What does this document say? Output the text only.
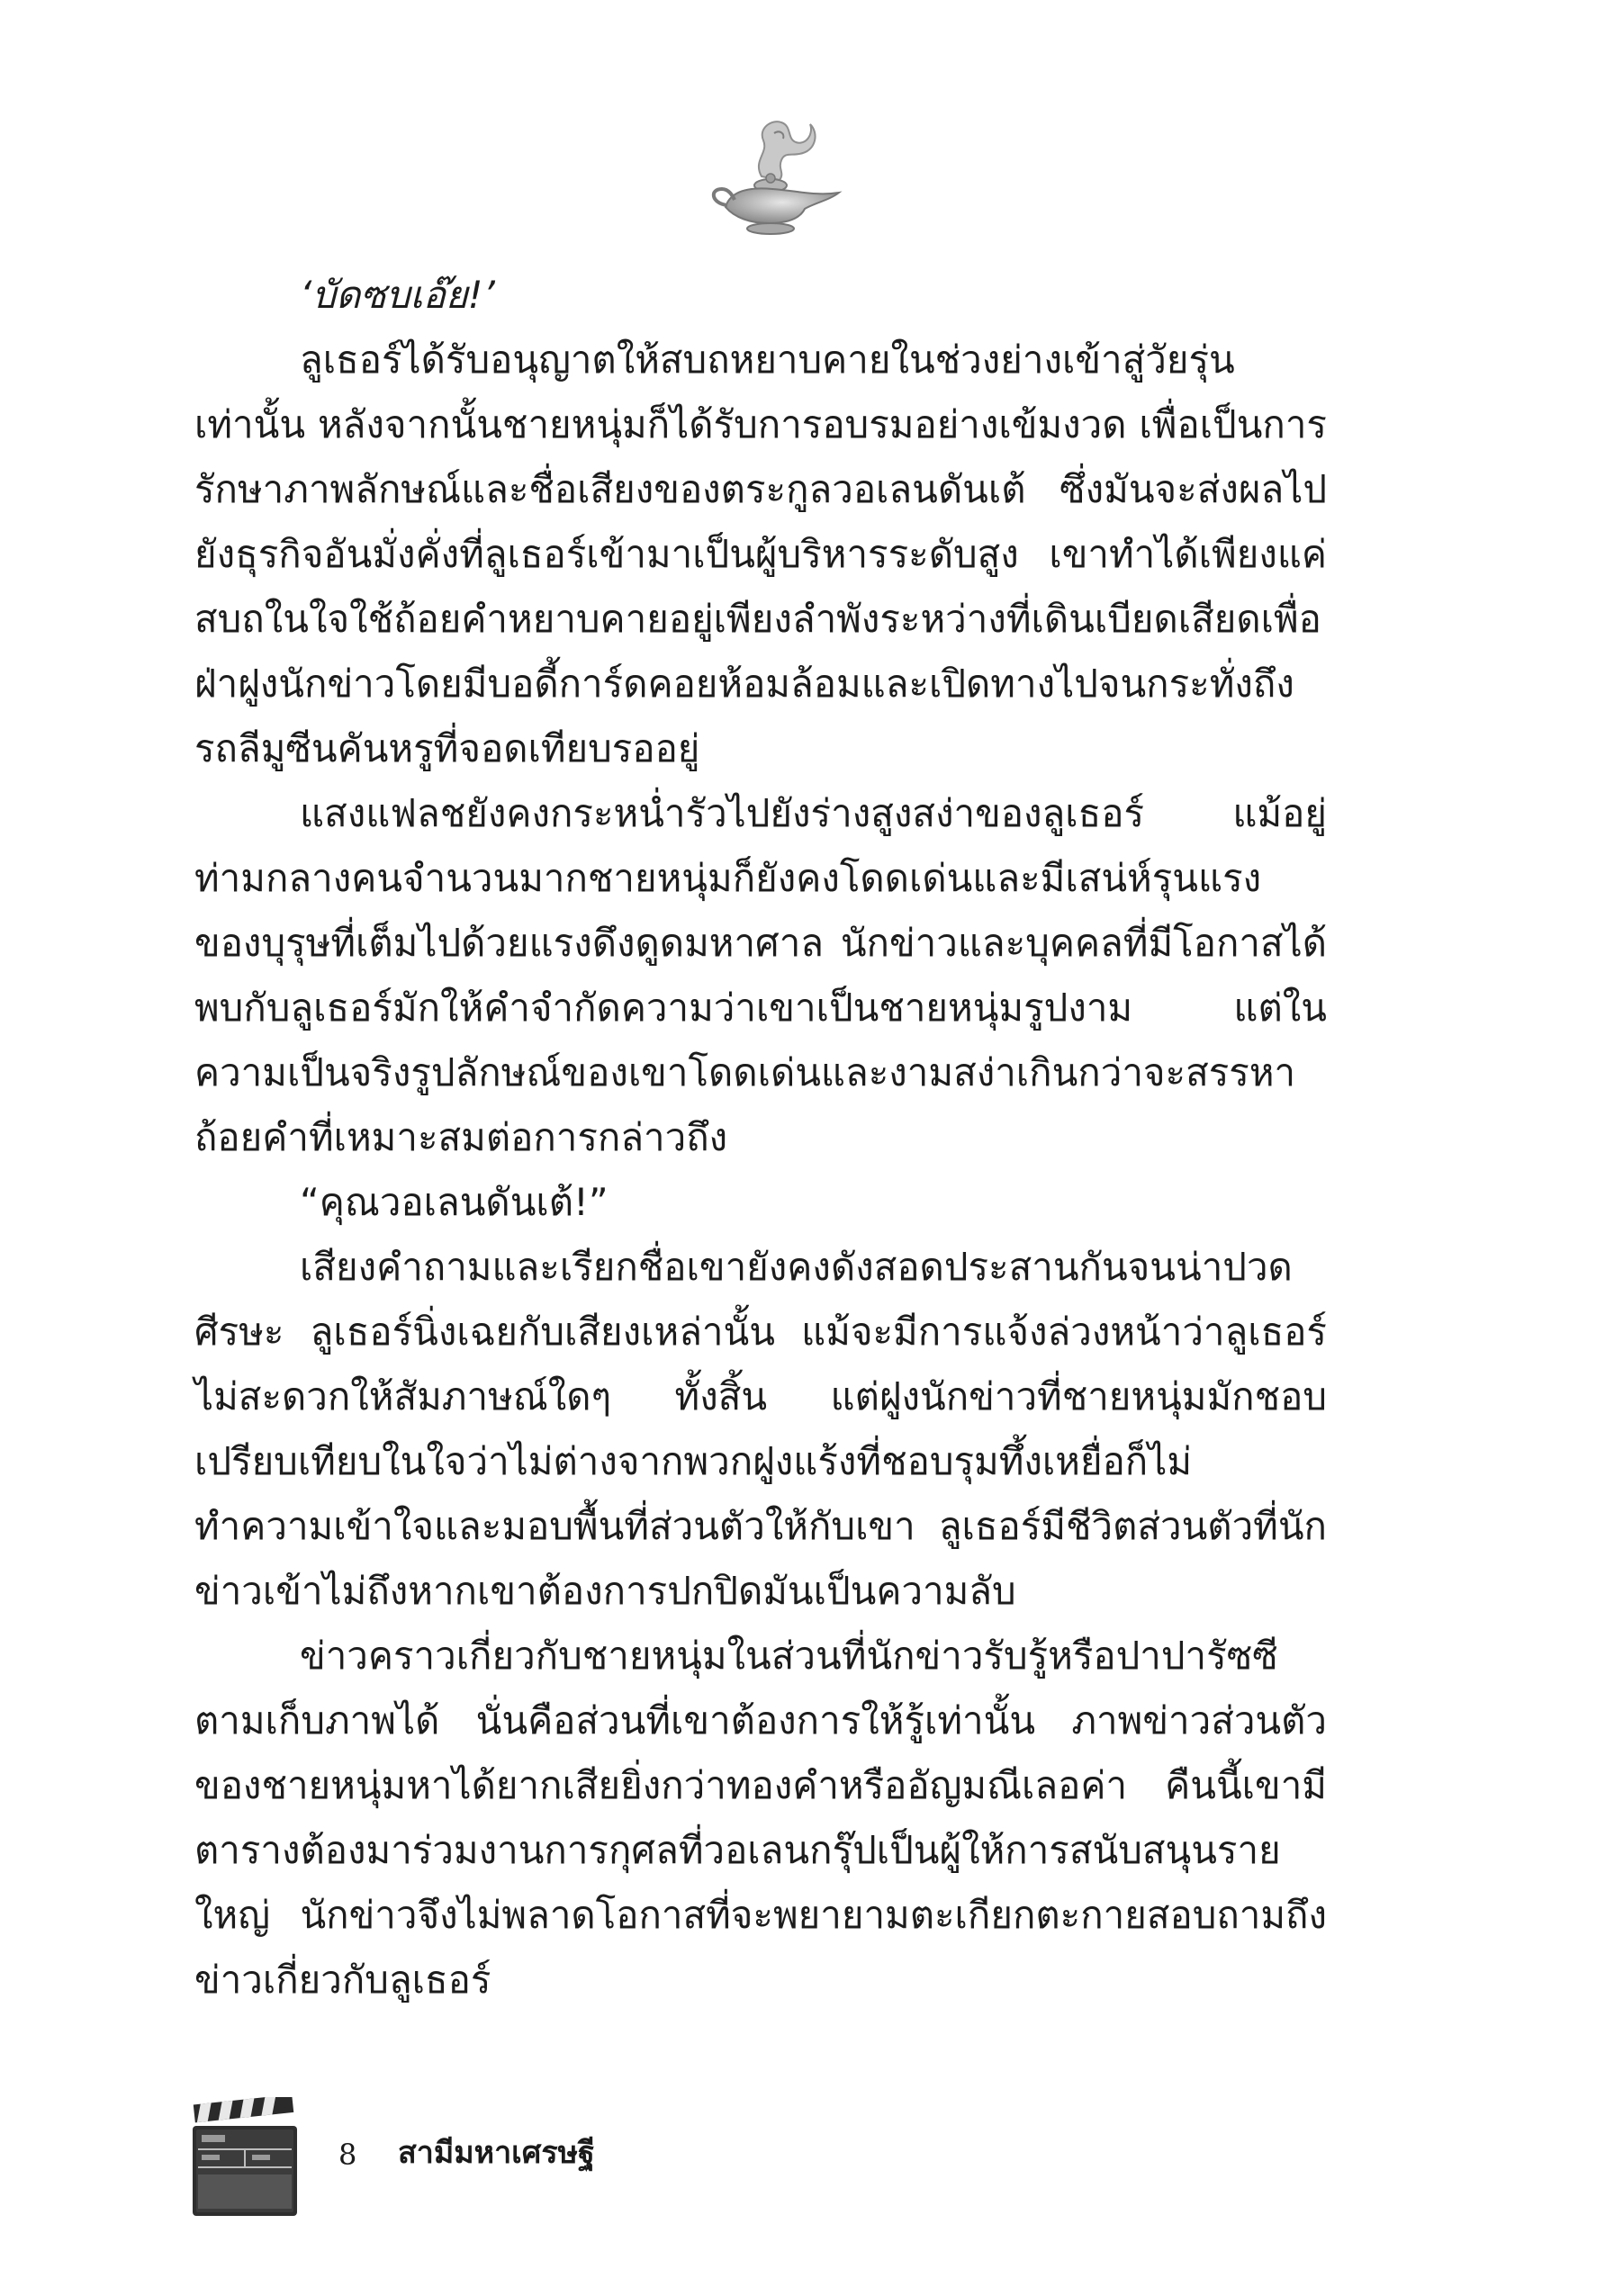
‘บัดซบเอ๊ย!’

ลูเธอร์ได้รับอนุญาตให้สบถหยาบคายในช่วงย่างเข้าสู่วัยรุ่นเท่านั้น หลังจากนั้นชายหนุ่มก็ได้รับการอบรมอย่างเข้มงวด เพื่อเป็นการรักษาภาพลักษณ์และชื่อเสียงของตระกูลวอเลนดันเต้ ซึ่งมันจะส่งผลไปยังธุรกิจอันมั่งคั่งที่ลูเธอร์เข้ามาเป็นผู้บริหารระดับสูง เขาทำได้เพียงแค่สบถในใจใช้ถ้อยคำหยาบคายอยู่เพียงลำพังระหว่างที่เดินเบียดเสียดเพื่อฝ่าฝูงนักข่าวโดยมีบอดี้การ์ดคอยห้อมล้อมและเปิดทางไปจนกระทั่งถึงรถลีมูซีนคันหรูที่จอดเทียบรออยู่

แสงแฟลชยังคงกระหน่ำรัวไปยังร่างสูงสง่าของลูเธอร์ แม้อยู่ท่ามกลางคนจำนวนมากชายหนุ่มก็ยังคงโดดเด่นและมีเสน่ห์รุนแรงของบุรุษที่เต็มไปด้วยแรงดึงดูดมหาศาล นักข่าวและบุคคลที่มีโอกาสได้พบกับลูเธอร์มักให้คำจำกัดความว่าเขาเป็นชายหนุ่มรูปงาม แต่ในความเป็นจริงรูปลักษณ์ของเขาโดดเด่นและงามสง่าเกินกว่าจะสรรหาถ้อยคำที่เหมาะสมต่อการกล่าวถึง

“คุณวอเลนดันเต้!”

เสียงคำถามและเรียกชื่อเขายังคงดังสอดประสานกันจนน่าปวดศีรษะ ลูเธอร์นิ่งเฉยกับเสียงเหล่านั้น แม้จะมีการแจ้งล่วงหน้าว่าลูเธอร์ไม่สะดวกให้สัมภาษณ์ใดๆ ทั้งสิ้น แต่ฝูงนักข่าวที่ชายหนุ่มมักชอบเปรียบเทียบในใจว่าไม่ต่างจากพวกฝูงแร้งที่ชอบรุมทึ้งเหยื่อก็ไม่ทำความเข้าใจและมอบพื้นที่ส่วนตัวให้กับเขา ลูเธอร์มีชีวิตส่วนตัวที่นักข่าวเข้าไม่ถึงหากเขาต้องการปกปิดมันเป็นความลับ

ข่าวคราวเกี่ยวกับชายหนุ่มในส่วนที่นักข่าวรับรู้หรือปาปารัซซีตามเก็บภาพได้ นั่นคือส่วนที่เขาต้องการให้รู้เท่านั้น ภาพข่าวส่วนตัวของชายหนุ่มหาได้ยากเสียยิ่งกว่าทองคำหรืออัญมณีเลอค่า คืนนี้เขามีตารางต้องมาร่วมงานการกุศลที่วอเลนกรุ๊ปเป็นผู้ให้การสนับสนุนรายใหญ่ นักข่าวจึงไม่พลาดโอกาสที่จะพยายามตะเกียกตะกายสอบถามถึงข่าวเกี่ยวกับลูเธอร์

8 สามีมหาเศรษฐี
